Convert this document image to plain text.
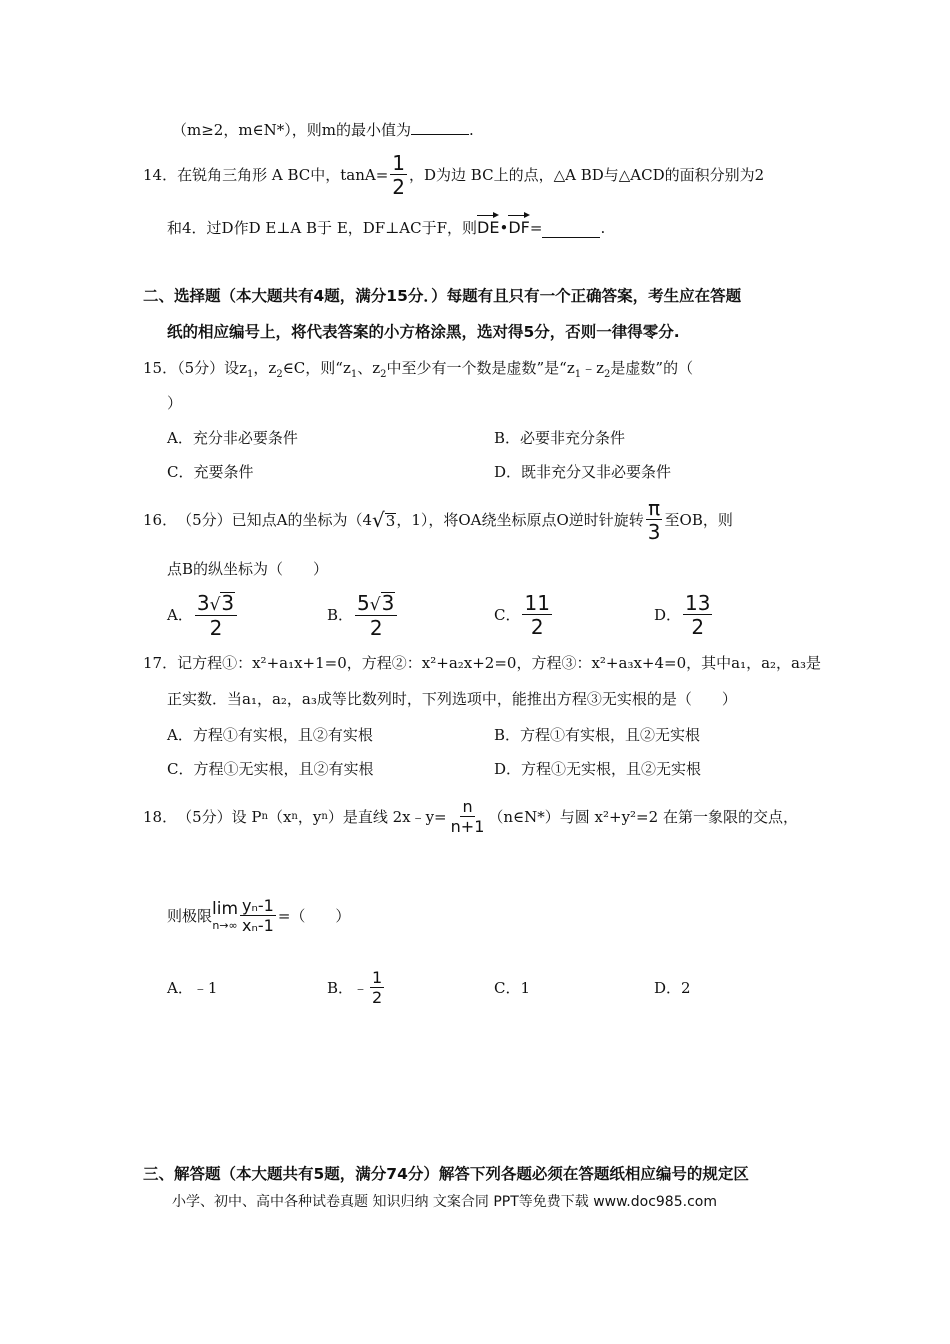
（m≥2，m∈N*），则m的最小值为	.
14． 在锐角三角形 A BC中，$\tan A= \frac{1}{2}$ ，D为边 BC上的点，△A BD与△ACD的面积分别为2
和4．过D作D E⊥A B于 E，DF⊥AC于F，则 DE • DF =	.
二、选择题（本大题共有4题，满分15分．）每题有且只有一个正确答案，考生应在答题
纸的相应编号上，将代表答案的小方格涂黑，选对得5分，否则一律得零分.
15．（5分）设$z_1$，$z_2\in C$，则“$z_1$、$z_2$中至少有一个数是虚数”是“$z_1﹣z_2$是虚数”的（
）
A．充分非必要条件	B．必要非充分条件
C．充要条件	D．既非充分又非必要条件
16． （5分）已知点A的坐标为（4 √ 3 ，1），将OA绕坐标原点O逆时针旋转 $\frac{\pi}{3}$ 至OB，则
点B的纵坐标为（　　）
A． $\frac{3 √ 3}{2}$	B． $\frac{5 √ 3}{2}$	C． $\frac{11}{2}$	D． $\frac{13}{2}$
17．记方程①：x²+a₁x+1=0，方程②：x²+a₂x+2=0，方程③：x²+a₃x+4=0，其中a₁，a₂，a₃是
正实数．当a₁，a₂，a₃成等比数列时，下列选项中，能推出方程③无实根的是（　　）
A．方程①有实根，且②有实根	B．方程①有实根，且②无实根
C．方程①无实根，且②有实根	D．方程①无实根，且②无实根
18． （5分）设 P n （x n ，y n ）是直线 2x﹣y= $\frac{n}{n+1}$ （n∈N*）与圆 x²+y²=2 在第一象限的交点，
则极限 lim
$n\to\infty \frac{\text{yₙ-1}}{\text{xₙ-1}}$ =（　　）
A．﹣1	B．﹣ $\frac{1}{2}$	C．1	D．2
三、解答题（本大题共有5题，满分74分）解答下列各题必须在答题纸相应编号的规定区
小学、初中、高中各种试卷真题 知识归纳 文案合同 PPT等免费下载 www.doc985.com
